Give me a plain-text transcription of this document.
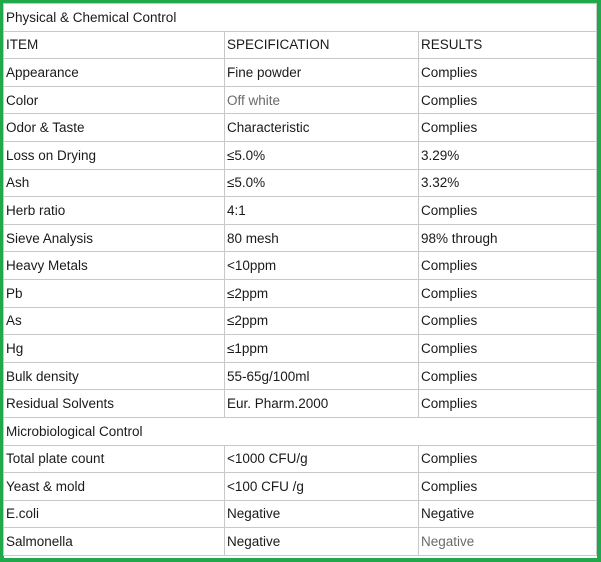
Physical & Chemical Control		
ITEM	SPECIFICATION	RESULTS
Appearance	Fine powder	Complies
Color	Off white	Complies
Odor & Taste	Characteristic	Complies
Loss on Drying	≤5.0%	3.29%
Ash	≤5.0%	3.32%
Herb ratio	4:1	Complies
Sieve Analysis	80 mesh	98% through
Heavy Metals	<10ppm	Complies
Pb	≤2ppm	Complies
As	≤2ppm	Complies
Hg	≤1ppm	Complies
Bulk density	55-65g/100ml	Complies
Residual Solvents	Eur. Pharm.2000	Complies
Microbiological Control		
Total plate count	<1000 CFU/g	Complies
Yeast & mold	<100 CFU /g	Complies
E.coli	Negative	Negative
Salmonella	Negative	Negative
